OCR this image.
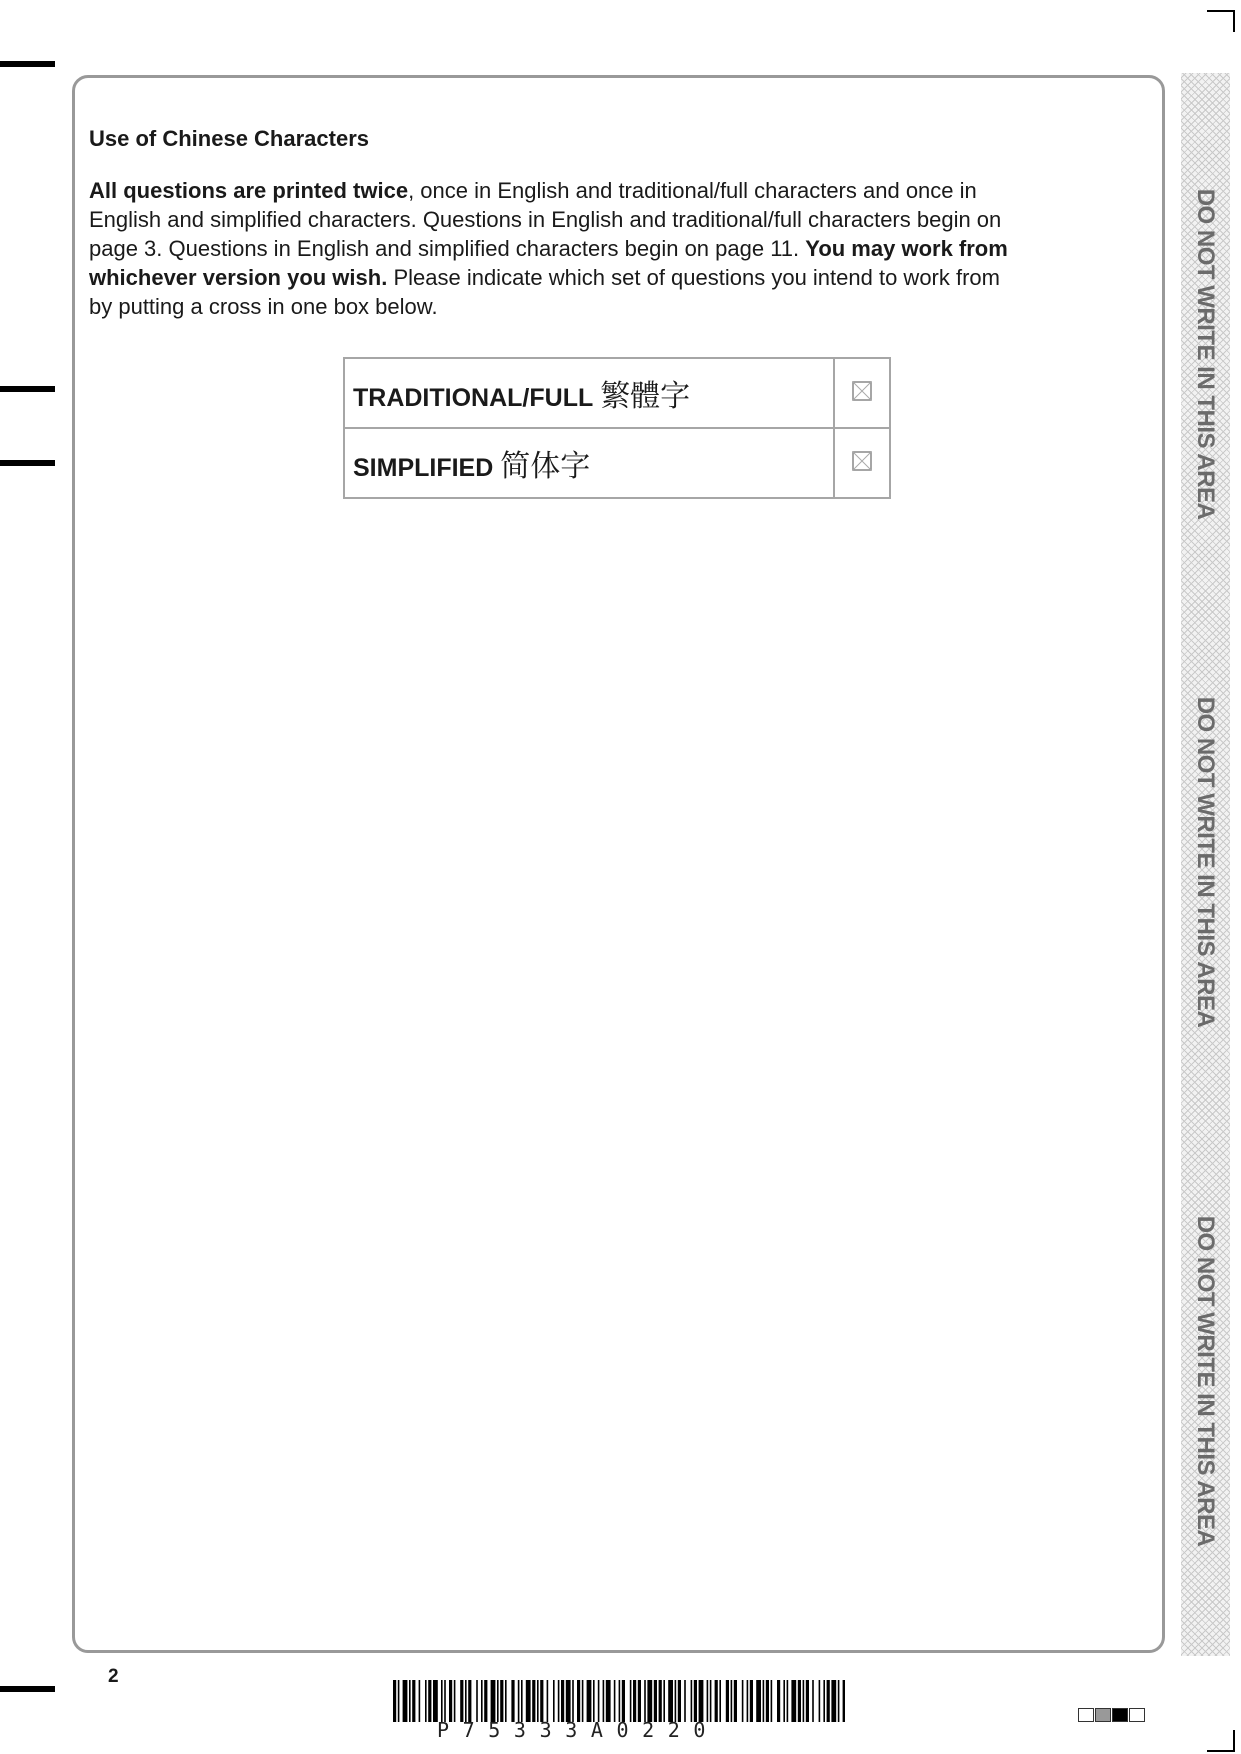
Use of Chinese Characters

All questions are printed twice, once in English and traditional/full characters and once in English and simplified characters. Questions in English and traditional/full characters begin on page 3. Questions in English and simplified characters begin on page 11. You may work from whichever version you wish. Please indicate which set of questions you intend to work from by putting a cross in one box below.

TRADITIONAL/FULL 繁體字	
SIMPLIFIED 简体字		DO NOT WRITE IN THIS AREA
DO NOT WRITE IN THIS AREA
DO NOT WRITE IN THIS AREA
2
P75333A0220
